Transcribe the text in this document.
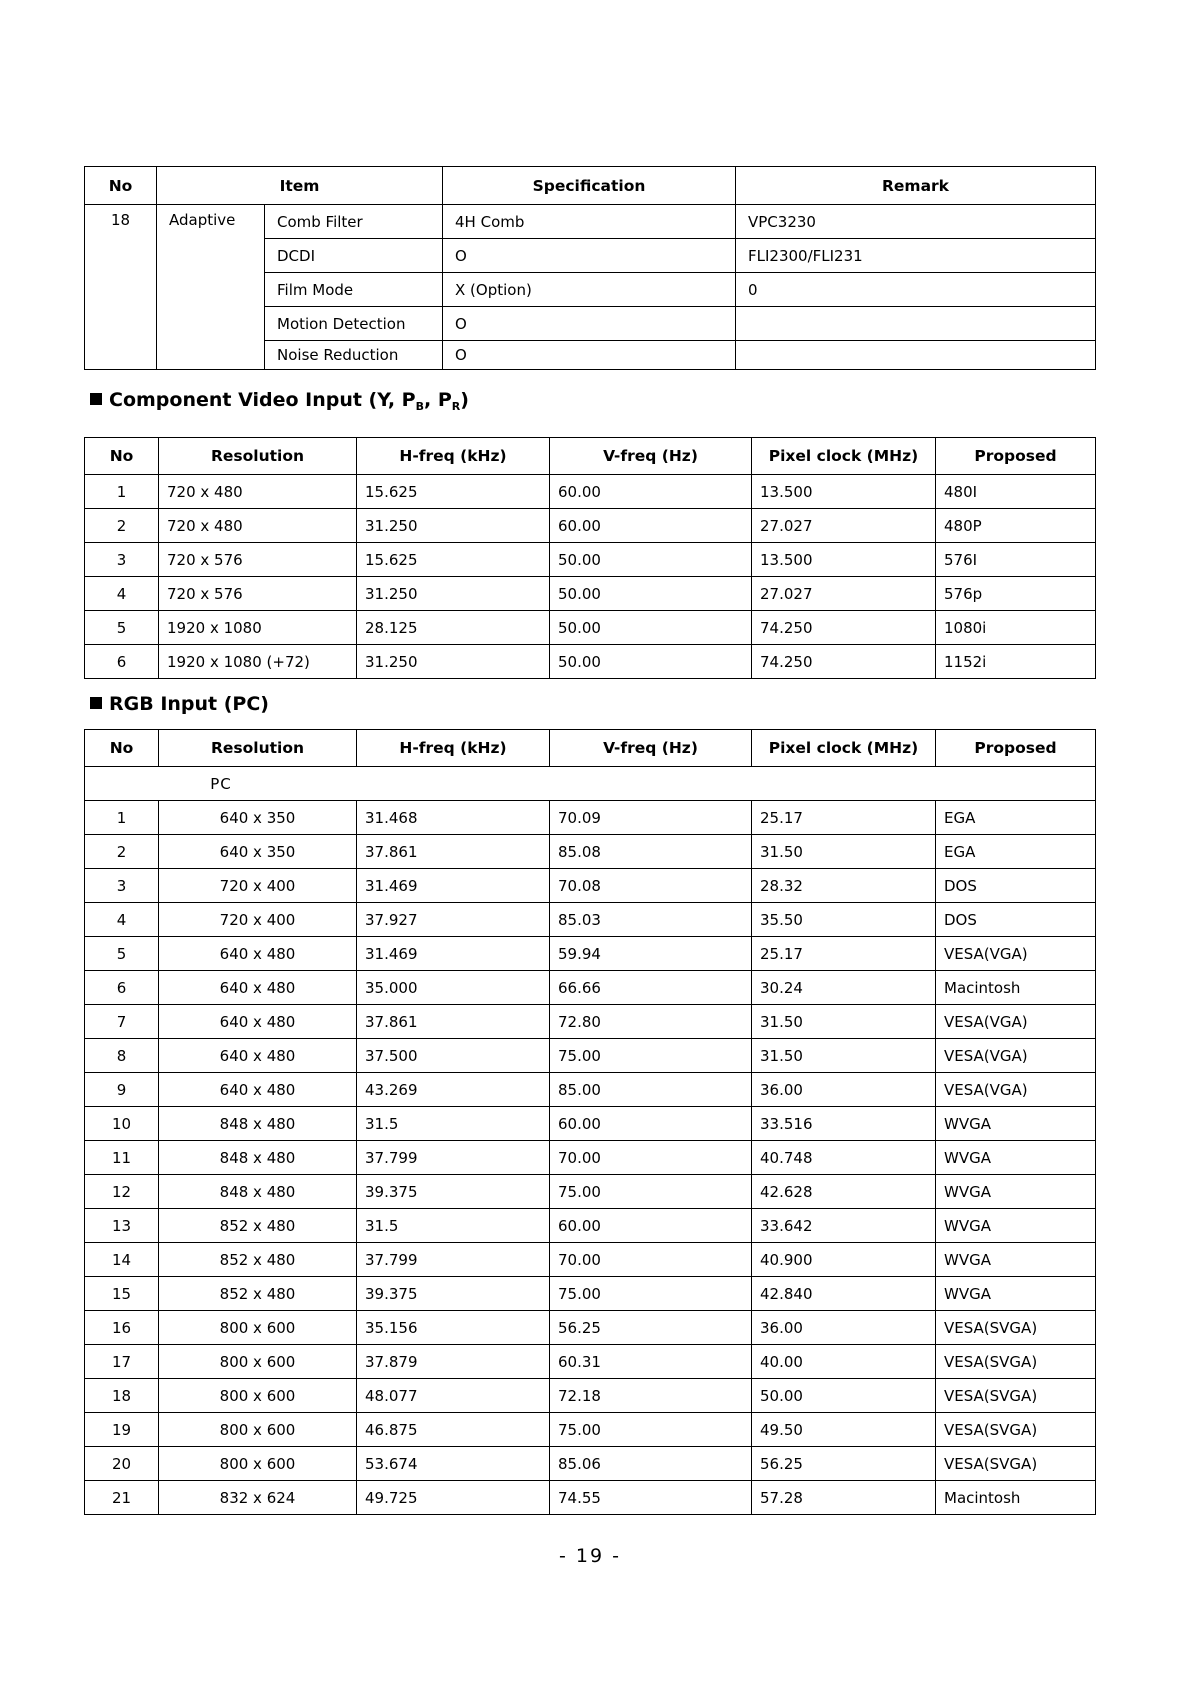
No	Item		Specification	Remark
18	Adaptive	Comb Filter	4H Comb	VPC3230
		DCDI	O	FLI2300/FLI231
		Film Mode	X (Option)	0
		Motion Detection	O	
		Noise Reduction	O	
Component Video Input (Y, $P_B$, $P_R$)
No	Resolution	H-freq (kHz)	V-freq (Hz)	Pixel clock (MHz)	Proposed
1	720 x 480	15.625	60.00	13.500	480I
2	720 x 480	31.250	60.00	27.027	480P
3	720 x 576	15.625	50.00	13.500	576I
4	720 x 576	31.250	50.00	27.027	576p
5	1920 x 1080	28.125	50.00	74.250	1080i
6	1920 x 1080 (+72)	31.250	50.00	74.250	1152i
RGB Input (PC)
No	Resolution	H-freq (kHz)	V-freq (Hz)	Pixel clock (MHz)	Proposed
PC					
1	640 x 350	31.468	70.09	25.17	EGA
2	640 x 350	37.861	85.08	31.50	EGA
3	720 x 400	31.469	70.08	28.32	DOS
4	720 x 400	37.927	85.03	35.50	DOS
5	640 x 480	31.469	59.94	25.17	VESA(VGA)
6	640 x 480	35.000	66.66	30.24	Macintosh
7	640 x 480	37.861	72.80	31.50	VESA(VGA)
8	640 x 480	37.500	75.00	31.50	VESA(VGA)
9	640 x 480	43.269	85.00	36.00	VESA(VGA)
10	848 x 480	31.5	60.00	33.516	WVGA
11	848 x 480	37.799	70.00	40.748	WVGA
12	848 x 480	39.375	75.00	42.628	WVGA
13	852 x 480	31.5	60.00	33.642	WVGA
14	852 x 480	37.799	70.00	40.900	WVGA
15	852 x 480	39.375	75.00	42.840	WVGA
16	800 x 600	35.156	56.25	36.00	VESA(SVGA)
17	800 x 600	37.879	60.31	40.00	VESA(SVGA)
18	800 x 600	48.077	72.18	50.00	VESA(SVGA)
19	800 x 600	46.875	75.00	49.50	VESA(SVGA)
20	800 x 600	53.674	85.06	56.25	VESA(SVGA)
21	832 x 624	49.725	74.55	57.28	Macintosh
- 19 -
